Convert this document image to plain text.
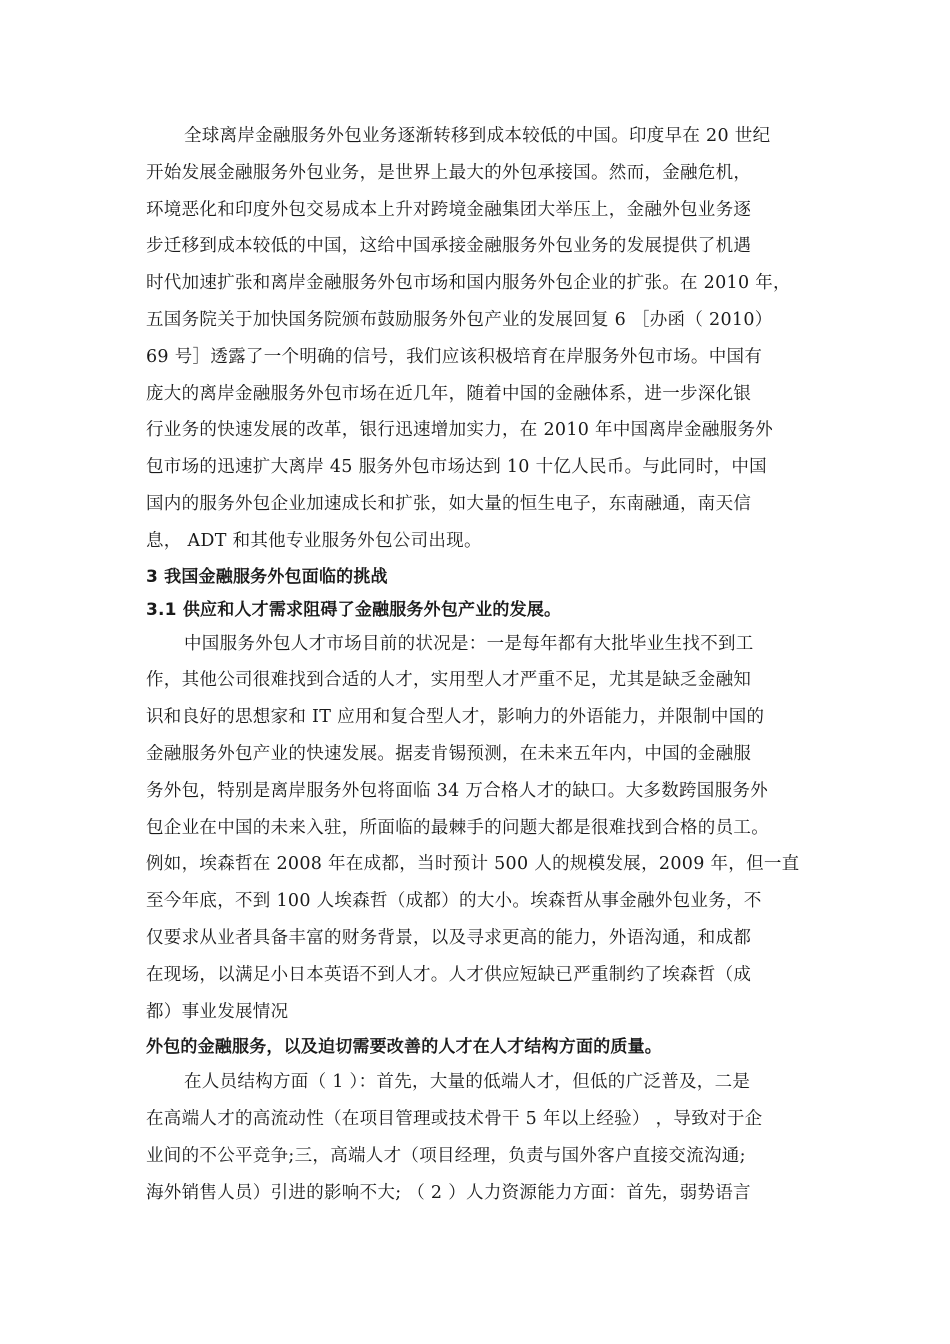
全球离岸金融服务外包业务逐渐转移到成本较低的中国。印度早在 20 世纪
开始发展金融服务外包业务，是世界上最大的外包承接国。然而，金融危机，
环境恶化和印度外包交易成本上升对跨境金融集团大举压上，金融外包业务逐
步迁移到成本较低的中国，这给中国承接金融服务外包业务的发展提供了机遇
时代加速扩张和离岸金融服务外包市场和国内服务外包企业的扩张。在 2010 年，
五国务院关于加快国务院颁布鼓励服务外包产业的发展回复 6 ［办函（ 2010）
69 号］透露了一个明确的信号，我们应该积极培育在岸服务外包市场。中国有
庞大的离岸金融服务外包市场在近几年，随着中国的金融体系，进一步深化银
行业务的快速发展的改革，银行迅速增加实力，在 2010 年中国离岸金融服务外
包市场的迅速扩大离岸 45 服务外包市场达到 10 十亿人民币。与此同时，中国
国内的服务外包企业加速成长和扩张，如大量的恒生电子，东南融通，南天信
息， ADT 和其他专业服务外包公司出现。
3 我国金融服务外包面临的挑战
3.1 供应和人才需求阻碍了金融服务外包产业的发展。
中国服务外包人才市场目前的状况是：一是每年都有大批毕业生找不到工
作，其他公司很难找到合适的人才，实用型人才严重不足，尤其是缺乏金融知
识和良好的思想家和 IT 应用和复合型人才，影响力的外语能力，并限制中国的
金融服务外包产业的快速发展。据麦肯锡预测，在未来五年内，中国的金融服
务外包，特别是离岸服务外包将面临 34 万合格人才的缺口。大多数跨国服务外
包企业在中国的未来入驻，所面临的最棘手的问题大都是很难找到合格的员工。
例如，埃森哲在 2008 年在成都，当时预计 500 人的规模发展，2009 年，但一直
至今年底，不到 100 人埃森哲（成都）的大小。埃森哲从事金融外包业务，不
仅要求从业者具备丰富的财务背景，以及寻求更高的能力，外语沟通，和成都
在现场，以满足小日本英语不到人才。人才供应短缺已严重制约了埃森哲（成
都）事业发展情况
外包的金融服务，以及迫切需要改善的人才在人才结构方面的质量。
在人员结构方面（ 1 ）：首先，大量的低端人才，但低的广泛普及，二是
在高端人才的高流动性（在项目管理或技术骨干 5 年以上经验） ，导致对于企
业间的不公平竞争;三，高端人才（项目经理，负责与国外客户直接交流沟通;
海外销售人员）引进的影响不大; （ 2 ）人力资源能力方面：首先，弱势语言
